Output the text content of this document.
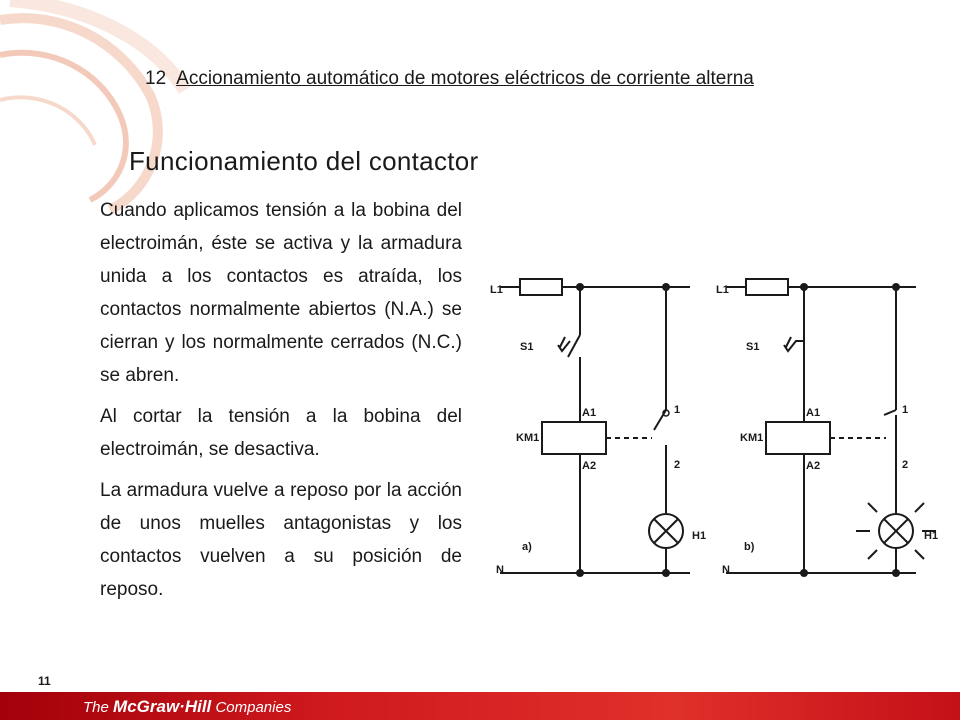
12 Accionamiento automático de motores eléctricos de corriente alterna
Funcionamiento del contactor

Cuando aplicamos tensión a la bobina del electroimán, éste se activa y la armadura unida a los contactos es atraída, los contactos normalmente abiertos (N.A.) se cierran y los normalmente cerrados (N.C.) se abren.

Al cortar la tensión a la bobina del electroimán, se desactiva.

La armadura vuelve a reposo por la acción de unos muelles antagonistas y los contactos vuelven a su posición de reposo.

L1
S1
A1
KM1
A2
1
2
H1
a)
N
L1
S1
A1
KM1
A2
1
2
H1
b)
N
11
The McGraw·Hill Companies
